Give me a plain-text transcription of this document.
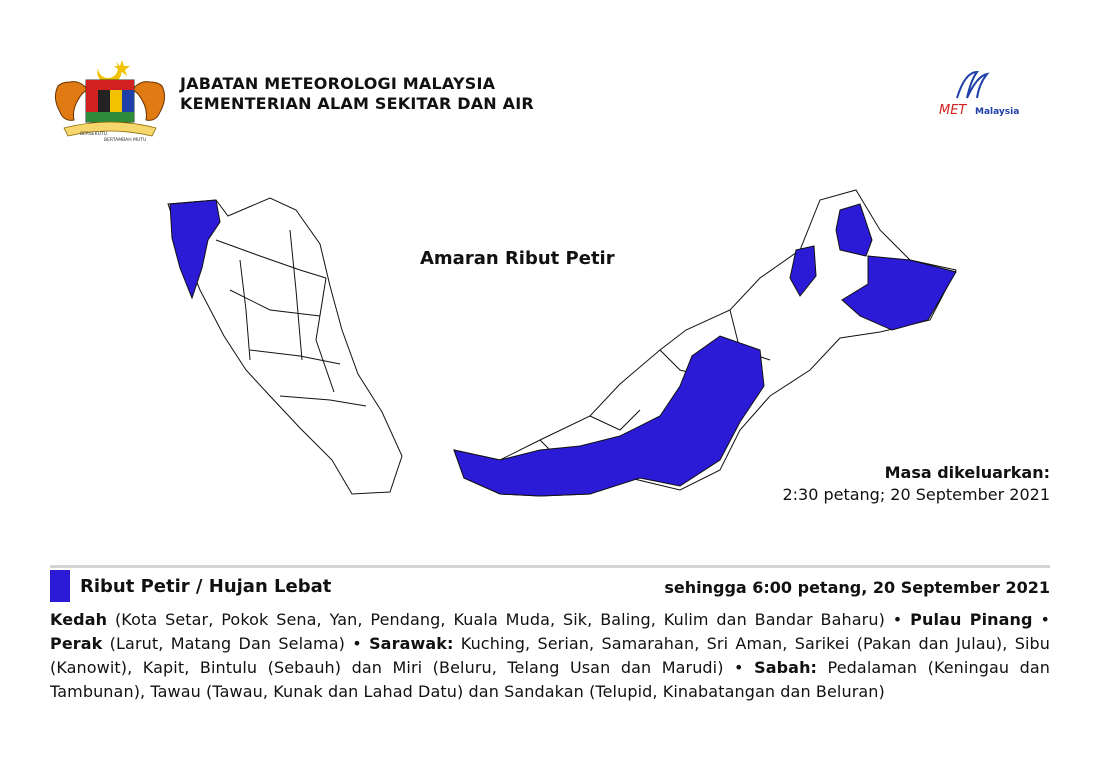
BERSEKUTU
BERTAMBAH MUTU
JABATAN METEOROLOGI MALAYSIA
KEMENTERIAN ALAM SEKITAR DAN AIR	MET Malaysia
Amaran Ribut Petir
Masa dikeluarkan:
2:30 petang; 20 September 2021
Ribut Petir / Hujan Lebat	sehingga 6:00 petang, 20 September 2021
Kedah (Kota Setar, Pokok Sena, Yan, Pendang, Kuala Muda, Sik, Baling, Kulim dan Bandar Baharu) • Pulau Pinang • Perak (Larut, Matang Dan Selama) • Sarawak: Kuching, Serian, Samarahan, Sri Aman, Sarikei (Pakan dan Julau), Sibu (Kanowit), Kapit, Bintulu (Sebauh) dan Miri (Beluru, Telang Usan dan Marudi) • Sabah: Pedalaman (Keningau dan Tambunan), Tawau (Tawau, Kunak dan Lahad Datu) dan Sandakan (Telupid, Kinabatangan dan Beluran)
